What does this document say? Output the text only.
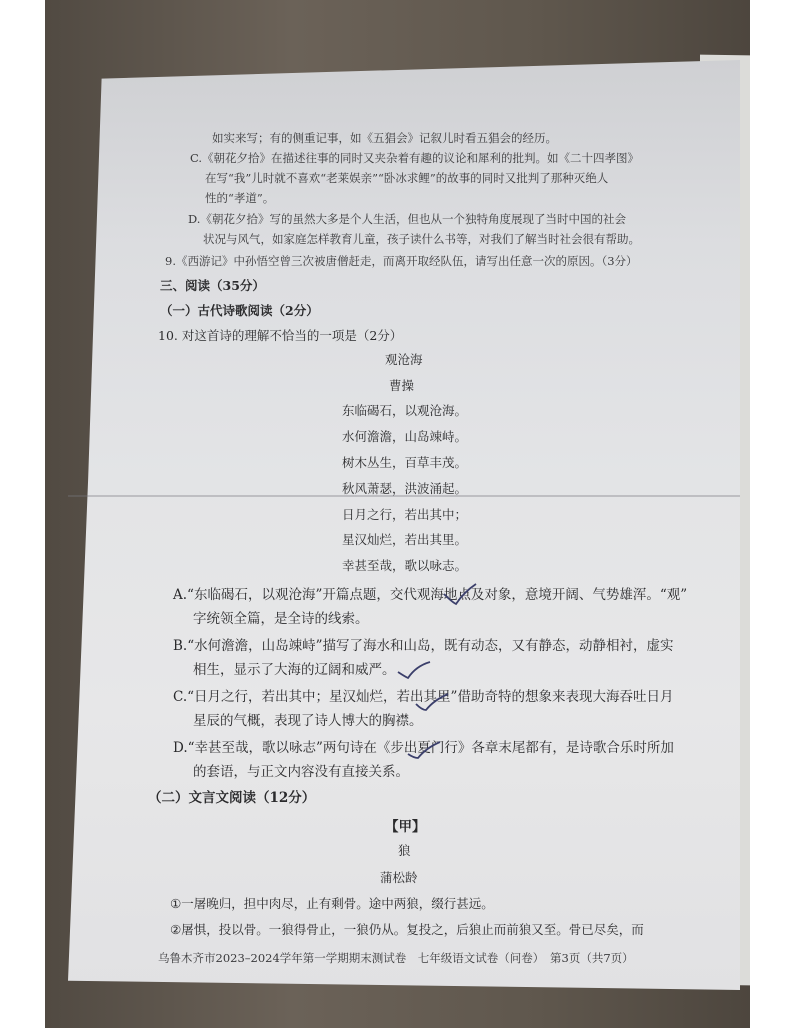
如实来写；有的侧重记事，如《五猖会》记叙儿时看五猖会的经历。
C.《朝花夕拾》在描述往事的同时又夹杂着有趣的议论和犀利的批判。如《二十四孝图》
在写“我”儿时就不喜欢“老莱娱亲”“卧冰求鲤”的故事的同时又批判了那种灭绝人
性的“孝道”。
D.《朝花夕拾》写的虽然大多是个人生活，但也从一个独特角度展现了当时中国的社会
状况与风气，如家庭怎样教育儿童，孩子读什么书等，对我们了解当时社会很有帮助。
9.《西游记》中孙悟空曾三次被唐僧赶走，而离开取经队伍，请写出任意一次的原因。（3分）
三、阅读（35分）
（一）古代诗歌阅读（2分）
10. 对这首诗的理解不恰当的一项是（2分）
观沧海
曹操
东临碣石，以观沧海。
水何澹澹，山岛竦峙。
树木丛生，百草丰茂。
秋风萧瑟，洪波涌起。
日月之行，若出其中；
星汉灿烂，若出其里。
幸甚至哉，歌以咏志。
A.“东临碣石，以观沧海”开篇点题，交代观海地点及对象，意境开阔、气势雄浑。“观”
字统领全篇，是全诗的线索。
B.“水何澹澹，山岛竦峙”描写了海水和山岛，既有动态，又有静态，动静相衬，虚实
相生，显示了大海的辽阔和威严。
C.“日月之行，若出其中；星汉灿烂，若出其里”借助奇特的想象来表现大海吞吐日月
星辰的气概，表现了诗人博大的胸襟。
D.“幸甚至哉，歌以咏志”两句诗在《步出夏门行》各章末尾都有，是诗歌合乐时所加
的套语，与正文内容没有直接关系。
（二）文言文阅读（12分）
【甲】
狼
蒲松龄
①一屠晚归，担中肉尽，止有剩骨。途中两狼，缀行甚远。
②屠惧，投以骨。一狼得骨止，一狼仍从。复投之，后狼止而前狼又至。骨已尽矣，而
乌鲁木齐市2023–2024学年第一学期期末测试卷　七年级语文试卷（问卷）　第3页（共7页）
